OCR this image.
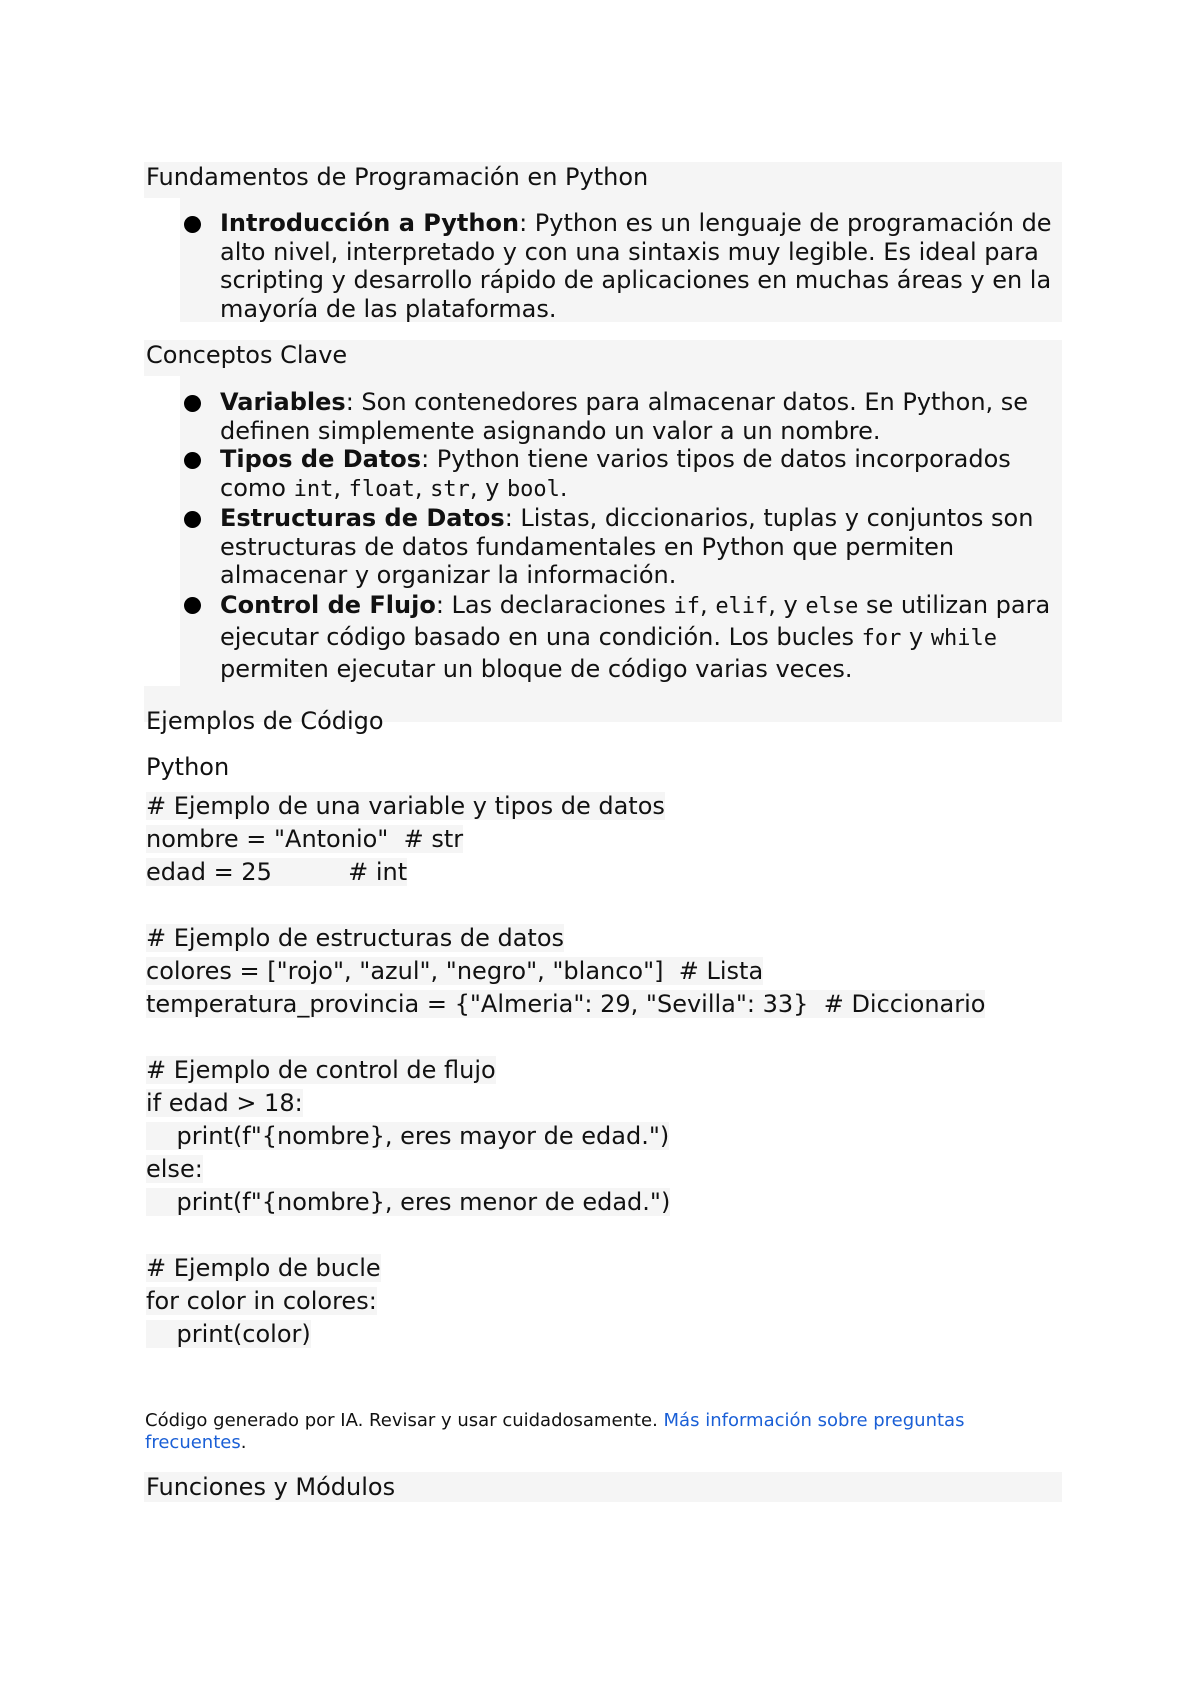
Fundamentos de Programación en Python
Introducción a Python: Python es un lenguaje de programación de alto nivel, interpretado y con una sintaxis muy legible. Es ideal para scripting y desarrollo rápido de aplicaciones en muchas áreas y en la mayoría de las plataformas.
Conceptos Clave
Variables: Son contenedores para almacenar datos. En Python, se definen simplemente asignando un valor a un nombre.
Tipos de Datos: Python tiene varios tipos de datos incorporados como int, float, str, y bool.
Estructuras de Datos: Listas, diccionarios, tuplas y conjuntos son estructuras de datos fundamentales en Python que permiten almacenar y organizar la información.
Control de Flujo: Las declaraciones if, elif, y else se utilizan para ejecutar código basado en una condición. Los bucles for y while permiten ejecutar un bloque de código varias veces.
Ejemplos de Código
Python
# Ejemplo de una variable y tipos de datos
nombre = "Antonio"  # str
edad = 25          # int
# Ejemplo de estructuras de datos
colores = ["rojo", "azul", "negro", "blanco"]  # Lista
temperatura_provincia = {"Almeria": 29, "Sevilla": 33}  # Diccionario
# Ejemplo de control de flujo
if edad > 18:
print(f"{nombre}, eres mayor de edad.")
else:
print(f"{nombre}, eres menor de edad.")
# Ejemplo de bucle
for color in colores:
print(color)
Código generado por IA. Revisar y usar cuidadosamente. Más información sobre preguntas frecuentes.
Funciones y Módulos
